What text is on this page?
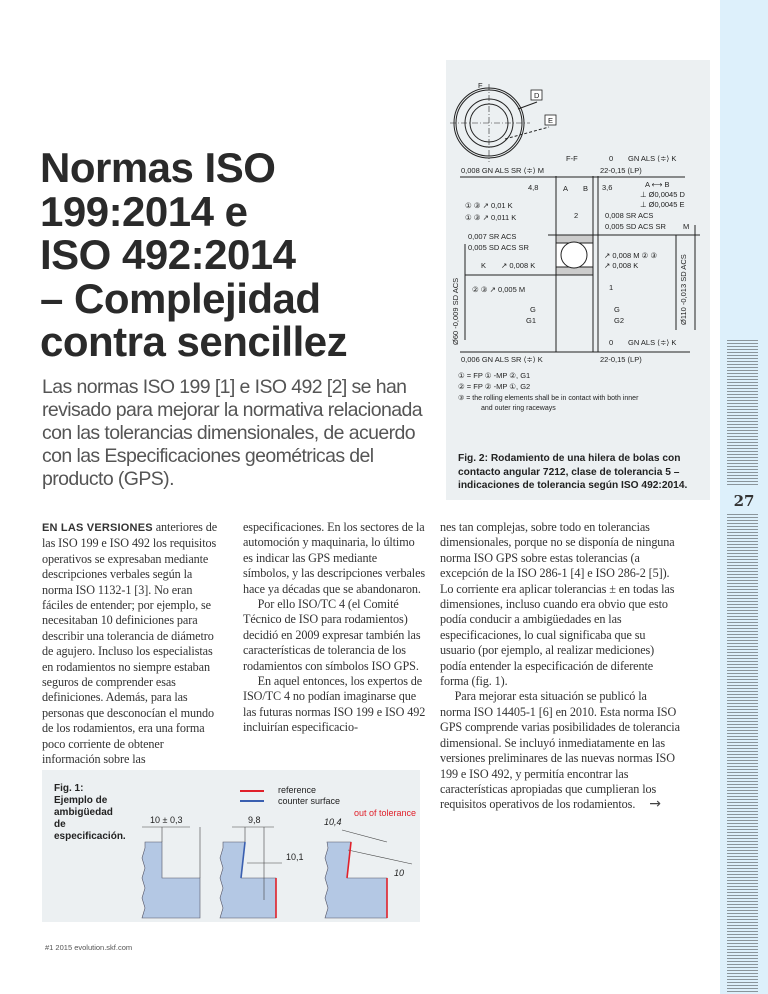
27
Normas ISO
199:2014 e
ISO 492:2014
– Complejidad
contra sencillez
Las normas ISO 199 [1] e ISO 492 [2] se han revisado para mejorar la normativa relacionada con las tolerancias dimensionales, de acuerdo con las Especificaciones geométricas del producto (GPS).

EN LAS VERSIONES anteriores de las ISO 199 e ISO 492 los requisitos operativos se expresaban mediante descripciones verbales según la norma ISO 1132-1 [3]. No eran fáciles de entender; por ejemplo, se necesitaban 10 definiciones para describir una tolerancia de diámetro de agujero. Incluso los especialistas en rodamientos no siempre estaban seguros de comprender esas definiciones. Además, para las personas que desconocían el mundo de los rodamientos, era una forma poco corriente de obtener información sobre las

especificaciones. En los sectores de la automoción y maquinaria, lo último es indicar las GPS mediante símbolos, y las descripciones verbales hace ya décadas que se abandonaron.

Por ello ISO/TC 4 (el Comité Técnico de ISO para rodamientos) decidió en 2009 expresar también las características de tolerancia de los rodamientos con símbolos ISO GPS.

En aquel entonces, los expertos de ISO/TC 4 no podían imaginarse que las futuras normas ISO 199 e ISO 492 incluirían especificacio-

nes tan complejas, sobre todo en tolerancias dimensionales, porque no se disponía de ninguna norma ISO GPS sobre estas tolerancias (a excepción de la ISO 286-1 [4] e ISO 286-2 [5]). Lo corriente era aplicar tolerancias ± en todas las dimensiones, incluso cuando era obvio que esto podía conducir a ambigüedades en las especificaciones, lo cual significaba que su usuario (por ejemplo, al realizar mediciones) podía entender la especificación de diferente forma (fig. 1).

Para mejorar esta situación se publicó la norma ISO 14405-1 [6] en 2010. Esta norma ISO GPS comprende varias posibilidades de tolerancia dimensional. Se incluyó inmediatamente en las versiones preliminares de las nuevas normas ISO 199 e ISO 492, y permitía encontrar las características apropiadas que cumplieran los requisitos operativos de los rodamientos. →

F
D
E
F-F	0 GN ALS ⟨≑⟩ K
0,008 GN ALS SR ⟨≑⟩ M	22-0,15 (LP)
4,8	A B 3,6	A ⟷ B
⊥ Ø0,0045 D
⊥ Ø0,0045 E
M
① ③ ↗ 0,01 K
① ③ ↗ 0,011 K	0,008 SR ACS
0,005 SD ACS SR
2
0,007 SR ACS
0,005 SD ACS SR
K ↗ 0,008 K
↗ 0,008 M ② ③
↗ 0,008 K
1
② ③ ↗ 0,005 M
G
G1
G
G2
0 GN ALS ⟨≑⟩ K
0,006 GN ALS SR ⟨≑⟩ K	22-0,15 (LP)
Ø60 -0,009 SD ACS	Ø110 -0,013 SD ACS
① = FP ① -MP ②, G1
② = FP ② -MP ①, G2
③ = the rolling elements shall be in contact with both inner
and outer ring raceways
Fig. 2: Rodamiento de una hilera de bolas con contacto angular 7212, clase de tolerancia 5 – indicaciones de tolerancia según ISO 492:2014.
Fig. 1: Ejemplo de ambigüedad de especificación.
reference
counter surface
10 ± 0,3	9,8
10,1
10,4
10
out of tolerance
#1 2015 evolution.skf.com
